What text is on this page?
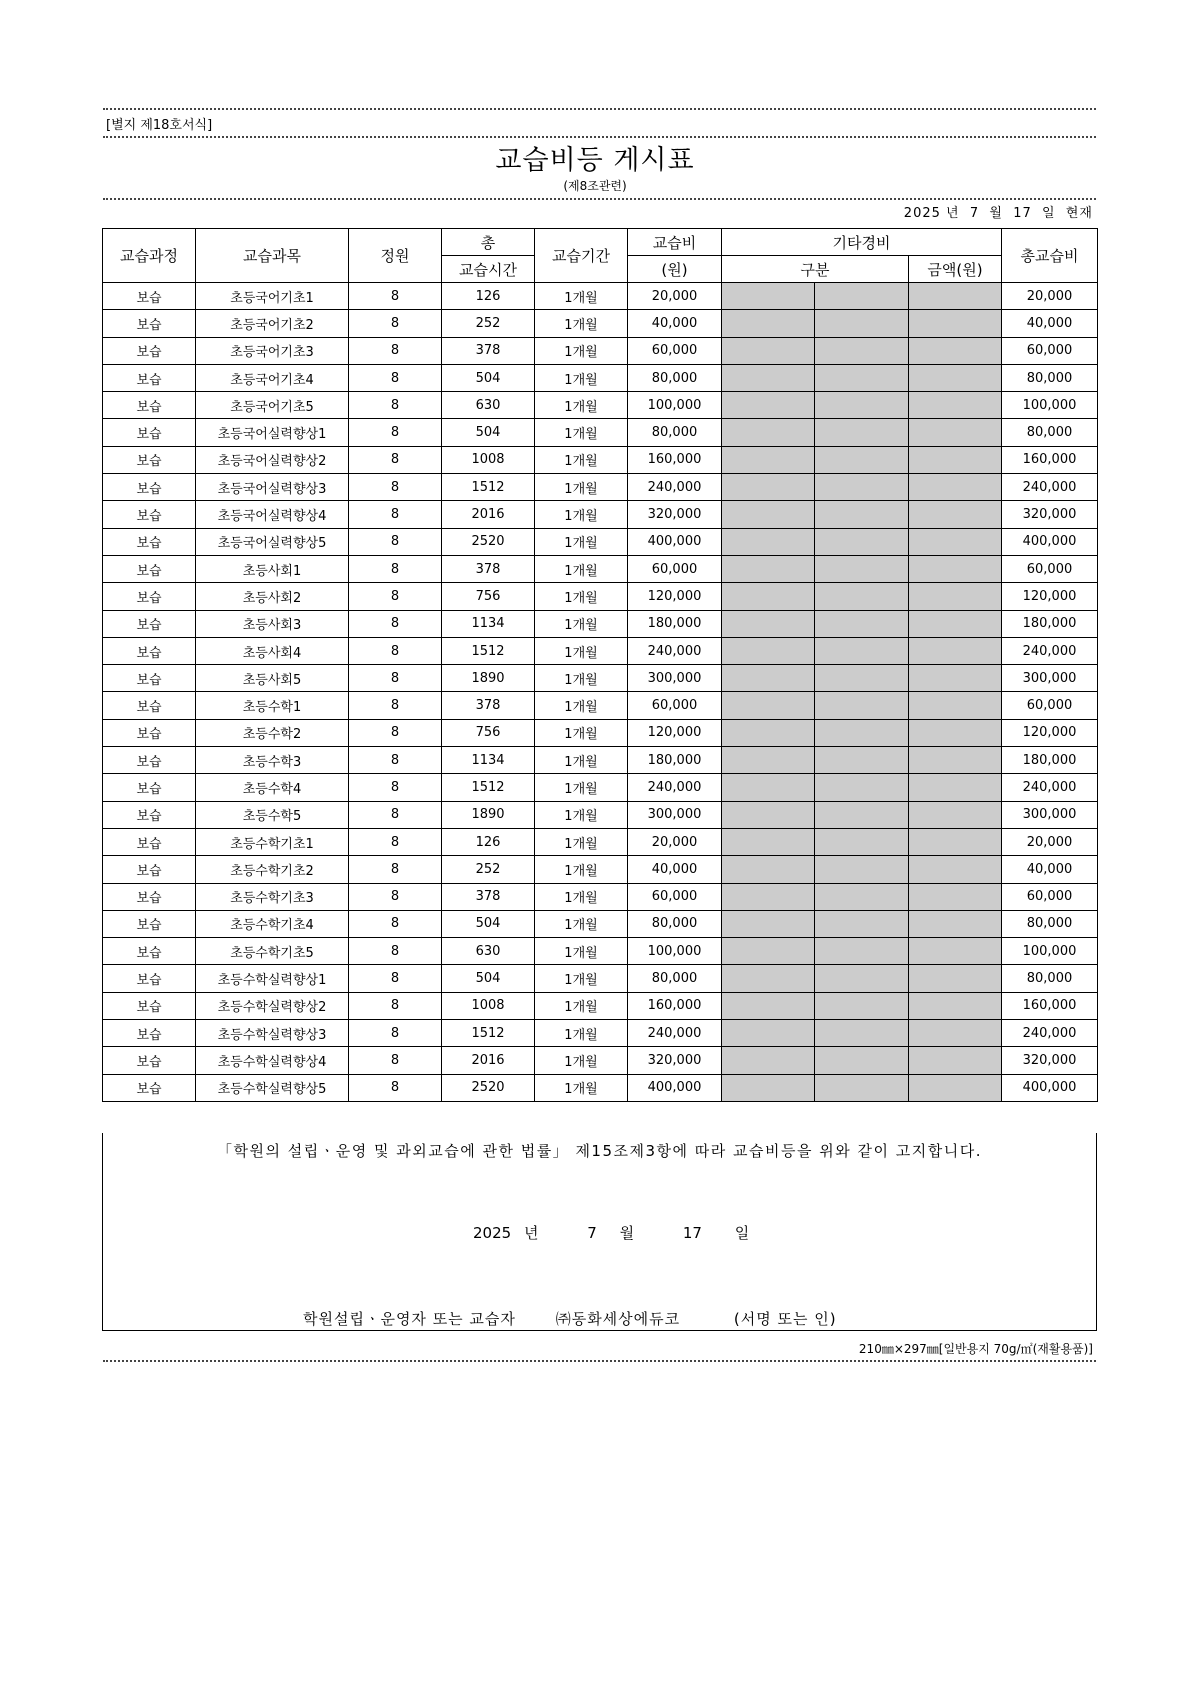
[별지 제18호서식]
교습비등 게시표
(제8조관련)
2025 년 7 월 17 일 현재
교습과정	교습과목	정원	총	교습기간	교습비	기타경비			총교습비
			교습시간		(원)	구분		금액(원)	
보습	초등국어기초1	8	126	1개월	20,000				20,000
보습	초등국어기초2	8	252	1개월	40,000				40,000
보습	초등국어기초3	8	378	1개월	60,000				60,000
보습	초등국어기초4	8	504	1개월	80,000				80,000
보습	초등국어기초5	8	630	1개월	100,000				100,000
보습	초등국어실력향상1	8	504	1개월	80,000				80,000
보습	초등국어실력향상2	8	1008	1개월	160,000				160,000
보습	초등국어실력향상3	8	1512	1개월	240,000				240,000
보습	초등국어실력향상4	8	2016	1개월	320,000				320,000
보습	초등국어실력향상5	8	2520	1개월	400,000				400,000
보습	초등사회1	8	378	1개월	60,000				60,000
보습	초등사회2	8	756	1개월	120,000				120,000
보습	초등사회3	8	1134	1개월	180,000				180,000
보습	초등사회4	8	1512	1개월	240,000				240,000
보습	초등사회5	8	1890	1개월	300,000				300,000
보습	초등수학1	8	378	1개월	60,000				60,000
보습	초등수학2	8	756	1개월	120,000				120,000
보습	초등수학3	8	1134	1개월	180,000				180,000
보습	초등수학4	8	1512	1개월	240,000				240,000
보습	초등수학5	8	1890	1개월	300,000				300,000
보습	초등수학기초1	8	126	1개월	20,000				20,000
보습	초등수학기초2	8	252	1개월	40,000				40,000
보습	초등수학기초3	8	378	1개월	60,000				60,000
보습	초등수학기초4	8	504	1개월	80,000				80,000
보습	초등수학기초5	8	630	1개월	100,000				100,000
보습	초등수학실력향상1	8	504	1개월	80,000				80,000
보습	초등수학실력향상2	8	1008	1개월	160,000				160,000
보습	초등수학실력향상3	8	1512	1개월	240,000				240,000
보습	초등수학실력향상4	8	2016	1개월	320,000				320,000
보습	초등수학실력향상5	8	2520	1개월	400,000				400,000
「학원의 설립ㆍ운영 및 과외교습에 관한 법률」 제15조제3항에 따라 교습비등을 위와 같이 고지합니다.
2025 년	7 월	17 일
학원설립ㆍ운영자 또는 교습자	㈜동화세상에듀코	(서명 또는 인)
210㎜×297㎜[일반용지 70g/㎡(재활용품)]
